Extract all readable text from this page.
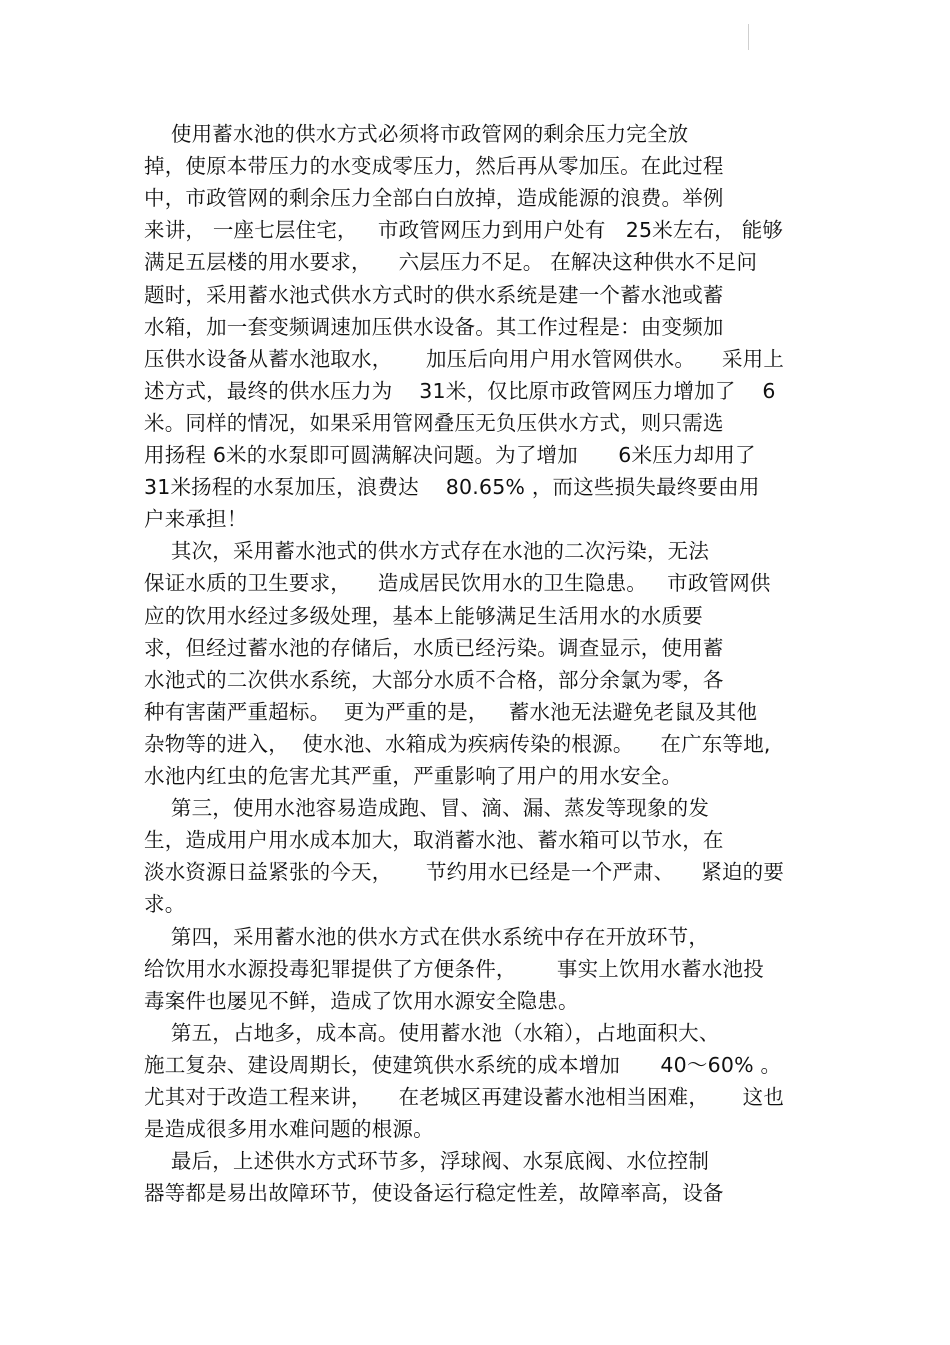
使用蓄水池的供水方式必须将市政管网的剩余压力完全放
掉，使原本带压力的水变成零压力，然后再从零加压。在此过程
中，市政管网的剩余压力全部白白放掉，造成能源的浪费。举例
来讲， 一座七层住宅，   市政管网压力到用户处有   25米左右， 能够
满足五层楼的用水要求，    六层压力不足。 在解决这种供水不足问
题时，采用蓄水池式供水方式时的供水系统是建一个蓄水池或蓄
水箱，加一套变频调速加压供水设备。其工作过程是：由变频加
压供水设备从蓄水池取水，     加压后向用户用水管网供水。    采用上
述方式，最终的供水压力为    31米，仅比原市政管网压力增加了    6
米。同样的情况，如果采用管网叠压无负压供水方式，则只需选
用扬程 6米的水泵即可圆满解决问题。为了增加      6米压力却用了
31米扬程的水泵加压，浪费达    80.65% ，而这些损失最终要由用
户来承担！
其次，采用蓄水池式的供水方式存在水池的二次污染，无法
保证水质的卫生要求，    造成居民饮用水的卫生隐患。   市政管网供
应的饮用水经过多级处理，基本上能够满足生活用水的水质要
求，但经过蓄水池的存储后，水质已经污染。调查显示，使用蓄
水池式的二次供水系统，大部分水质不合格，部分余氯为零，各
种有害菌严重超标。  更为严重的是，   蓄水池无法避免老鼠及其他
杂物等的进入，  使水池、水箱成为疾病传染的根源。    在广东等地,
水池内红虫的危害尤其严重，严重影响了用户的用水安全。
第三，使用水池容易造成跑、冒、滴、漏、蒸发等现象的发
生，造成用户用水成本加大，取消蓄水池、蓄水箱可以节水，在
淡水资源日益紧张的今天，     节约用水已经是一个严肃、    紧迫的要
求。
第四，采用蓄水池的供水方式在供水系统中存在开放环节，
给饮用水水源投毒犯罪提供了方便条件，      事实上饮用水蓄水池投
毒案件也屡见不鲜，造成了饮用水源安全隐患。
第五，占地多，成本高。使用蓄水池（水箱），占地面积大、
施工复杂、建设周期长，使建筑供水系统的成本增加      40～60% 。
尤其对于改造工程来讲，    在老城区再建设蓄水池相当困难，     这也
是造成很多用水难问题的根源。
最后，上述供水方式环节多，浮球阀、水泵底阀、水位控制
器等都是易出故障环节，使设备运行稳定性差，故障率高，设备
